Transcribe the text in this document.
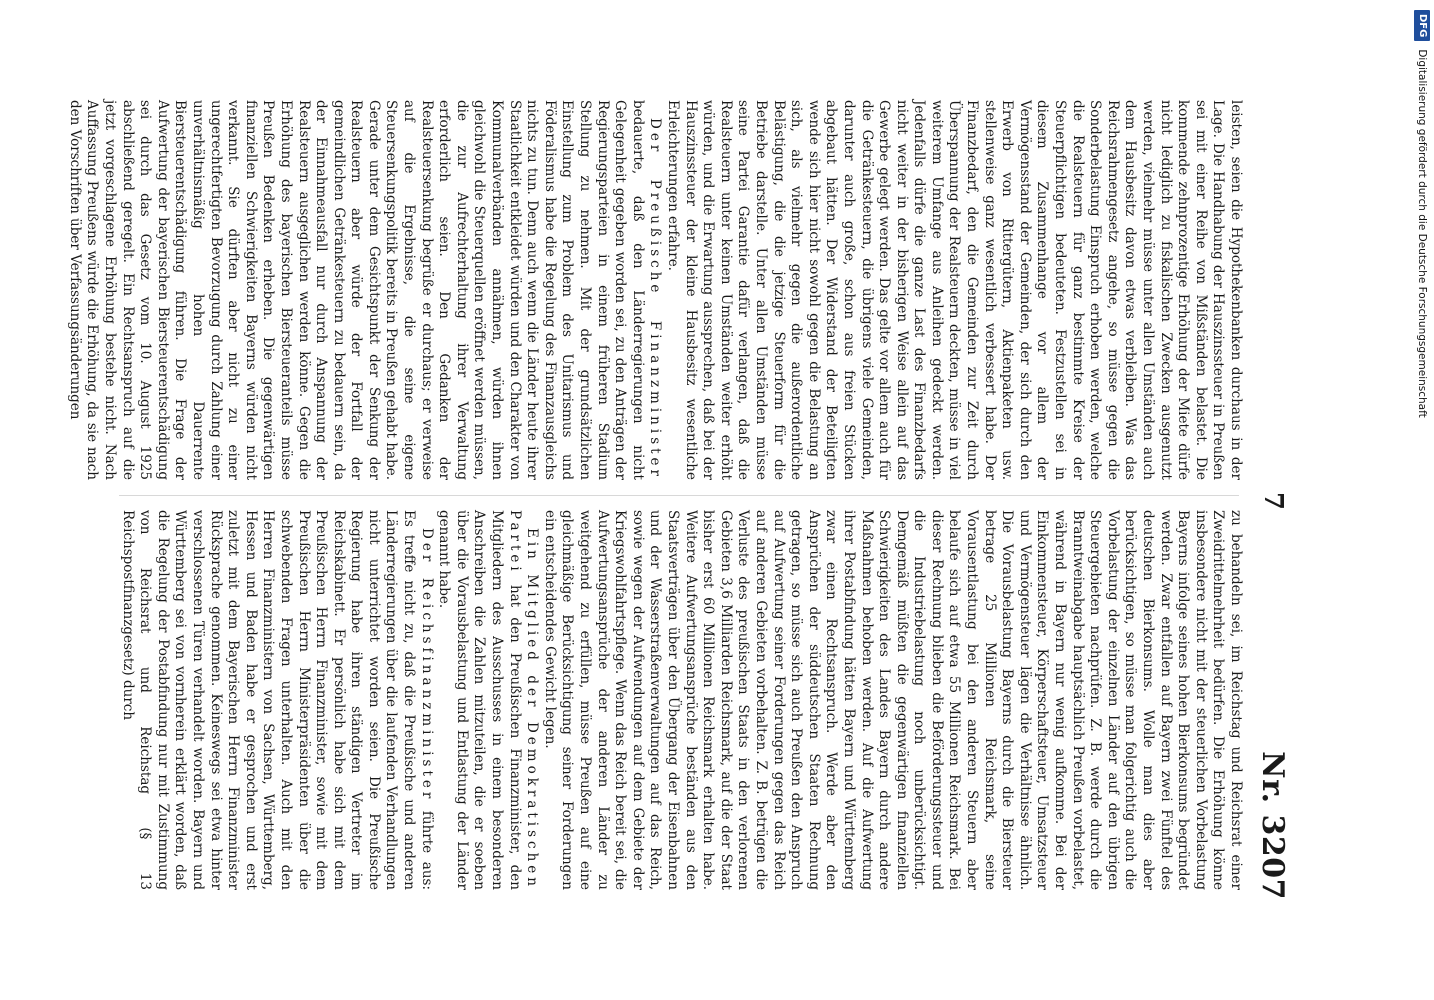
7
Nr. 3207

leisten, seien die Hypothekenbanken durchaus in der Lage. Die Handhabung der Hauszinssteuer in Preußen sei mit einer Reihe von Mißständen belastet. Die kommende zehnprozentige Erhöhung der Miete dürfe nicht lediglich zu fiskalischen Zwecken ausgenutzt werden, vielmehr müsse unter allen Umständen auch dem Hausbesitz davon etwas verbleiben. Was das Reichsrahmengesetz angehe, so müsse gegen die Sonderbelastung Einspruch erhoben werden, welche die Realsteuern für ganz bestimmte Kreise der Steuerpflichtigen bedeuteten. Festzustellen sei in diesem Zusammenhange vor allem der Vermögensstand der Gemeinden, der sich durch den Erwerb von Rittergütern, Aktienpaketen usw. stellenweise ganz wesentlich verbessert habe. Der Finanzbedarf, den die Gemeinden zur Zeit durch Überspannung der Realsteuern deckten, müsse in viel weiterem Umfange aus Anleihen gedeckt werden. Jedenfalls dürfe die ganze Last des Finanzbedarfs nicht weiter in der bisherigen Weise allein auf das Gewerbe gelegt werden. Das gelte vor allem auch für die Getränkesteuern, die übrigens viele Gemeinden, darunter auch große, schon aus freien Stücken abgebaut hätten. Der Widerstand der Beteiligten wende sich hier nicht sowohl gegen die Belastung an sich, als vielmehr gegen die außerordentliche Belästigung, die die jetzige Steuerform für die Betriebe darstelle. Unter allen Umständen müsse seine Partei Garantie dafür verlangen, daß die Realsteuern unter keinen Umständen weiter erhöht würden, und die Erwartung aussprechen, daß bei der Hauszinssteuer der kleine Hausbesitz wesentliche Erleichterungen erfahre.

Der Preußische Finanzminister bedauerte, daß den Länderregierungen nicht Gelegenheit gegeben worden sei, zu den Anträgen der Regierungsparteien in einem früheren Stadium Stellung zu nehmen. Mit der grundsätzlichen Einstellung zum Problem des Unitarismus und Föderalismus habe die Regelung des Finanzausgleichs nichts zu tun. Denn auch wenn die Länder heute ihrer Staatlichkeit entkleidet würden und den Charakter von Kommunalverbänden annähmen, würden ihnen gleichwohl die Steuerquellen eröffnet werden müssen, die zur Aufrechterhaltung ihrer Verwaltung erforderlich seien. Den Gedanken der Realsteuersenkung begrüße er durchaus; er verweise auf die Ergebnisse, die seine eigene Steuersenkungspolitik bereits in Preußen gehabt habe. Gerade unter dem Gesichtspunkt der Senkung der Realsteuern aber würde der Fortfall der gemeindlichen Getränkesteuern zu bedauern sein, da der Einnahmeausfall nur durch Anspannung der Realsteuern ausgeglichen werden könne. Gegen die Erhöhung des bayerischen Biersteueranteils müsse Preußen Bedenken erheben. Die gegenwärtigen finanziellen Schwierigkeiten Bayerns würden nicht verkannt. Sie dürften aber nicht zu einer ungerechtfertigten Bevorzugung durch Zahlung einer unverhältnismäßig hohen Dauerrente Biersteuerentschädigung führen. Die Frage der Aufwertung der bayerischen Biersteuerentschädigung sei durch das Gesetz vom 10. August 1925 abschließend geregelt. Ein Rechtsanspruch auf die jetzt vorgeschlagene Erhöhung bestehe nicht. Nach Auffassung Preußens würde die Erhöhung, da sie nach den Vorschriften über Verfassungsänderungen

zu behandeln sei, im Reichstag und Reichsrat einer Zweidrittelmehrheit bedürfen. Die Erhöhung könne insbesondere nicht mit der steuerlichen Vorbelastung Bayerns infolge seines hohen Bierkonsums begründet werden. Zwar entfallen auf Bayern zwei Fünftel des deutschen Bierkonsums. Wolle man dies aber berücksichtigen, so müsse man folgerichtig auch die Vorbelastung der einzelnen Länder auf den übrigen Steuergebieten nachprüfen. Z. B. werde durch die Branntweinabgabe hauptsächlich Preußen vorbelastet, während in Bayern nur wenig aufkomme. Bei der Einkommensteuer, Körperschaftsteuer, Umsatzsteuer und Vermögensteuer lägen die Verhältnisse ähnlich. Die Vorausbelastung Bayerns durch die Biersteuer betrage 25 Millionen Reichsmark, seine Vorausentlastung bei den anderen Steuern aber belaufe sich auf etwa 55 Millionen Reichsmark. Bei dieser Rechnung blieben die Beförderungssteuer und die Industriebelastung noch unberücksichtigt. Demgemäß müßten die gegenwärtigen finanziellen Schwierigkeiten des Landes Bayern durch andere Maßnahmen behoben werden. Auf die Aufwertung ihrer Postabfindung hätten Bayern und Württemberg zwar einen Rechtsanspruch. Werde aber den Ansprüchen der süddeutschen Staaten Rechnung getragen, so müsse sich auch Preußen den Anspruch auf Aufwertung seiner Forderungen gegen das Reich auf anderen Gebieten vorbehalten. Z. B. betrügen die Verluste des preußischen Staats in den verlorenen Gebieten 3,6 Milliarden Reichsmark, auf die der Staat bisher erst 60 Millionen Reichsmark erhalten habe. Weitere Aufwertungsansprüche beständen aus den Staatsverträgen über den Übergang der Eisenbahnen und der Wasserstraßenverwaltungen auf das Reich, sowie wegen der Aufwendungen auf dem Gebiete der Kriegswohlfahrtspflege. Wenn das Reich bereit sei, die Aufwertungsansprüche der anderen Länder zu weitgehend zu erfüllen, müsse Preußen auf eine gleichmäßige Berücksichtigung seiner Forderungen ein entscheidendes Gewicht legen.

Ein Mitglied der Demokratischen Partei hat den Preußischen Finanzminister, den Mitgliedern des Ausschusses in einem besonderen Anschreiben die Zahlen mitzuteilen, die er soeben über die Vorausbelastung und Entlastung der Länder genannt habe.

Der Reichsfinanzminister führte aus: Es treffe nicht zu, daß die Preußische und anderen Länderregierungen über die laufenden Verhandlungen nicht unterrichtet worden seien. Die Preußische Regierung habe ihren ständigen Vertreter im Reichskabinett. Er persönlich habe sich mit dem Preußischen Herrn Finanzminister, sowie mit dem Preußischen Herrn Ministerpräsidenten über die schwebenden Fragen unterhalten. Auch mit den Herren Finanzministern von Sachsen, Württemberg, Hessen und Baden habe er gesprochen und erst zuletzt mit dem Bayerischen Herrn Finanzminister Rücksprache genommen. Keineswegs sei etwa hinter verschlossenen Türen verhandelt worden. Bayern und Württemberg sei von vornherein erklärt worden, daß die Regelung der Postabfindung nur mit Zustimmung von Reichsrat und Reichstag (§ 13 Reichspostfinanzgesetz) durch

DFG
Digitalisierung gefördert durch die Deutsche Forschungsgemeinschaft
